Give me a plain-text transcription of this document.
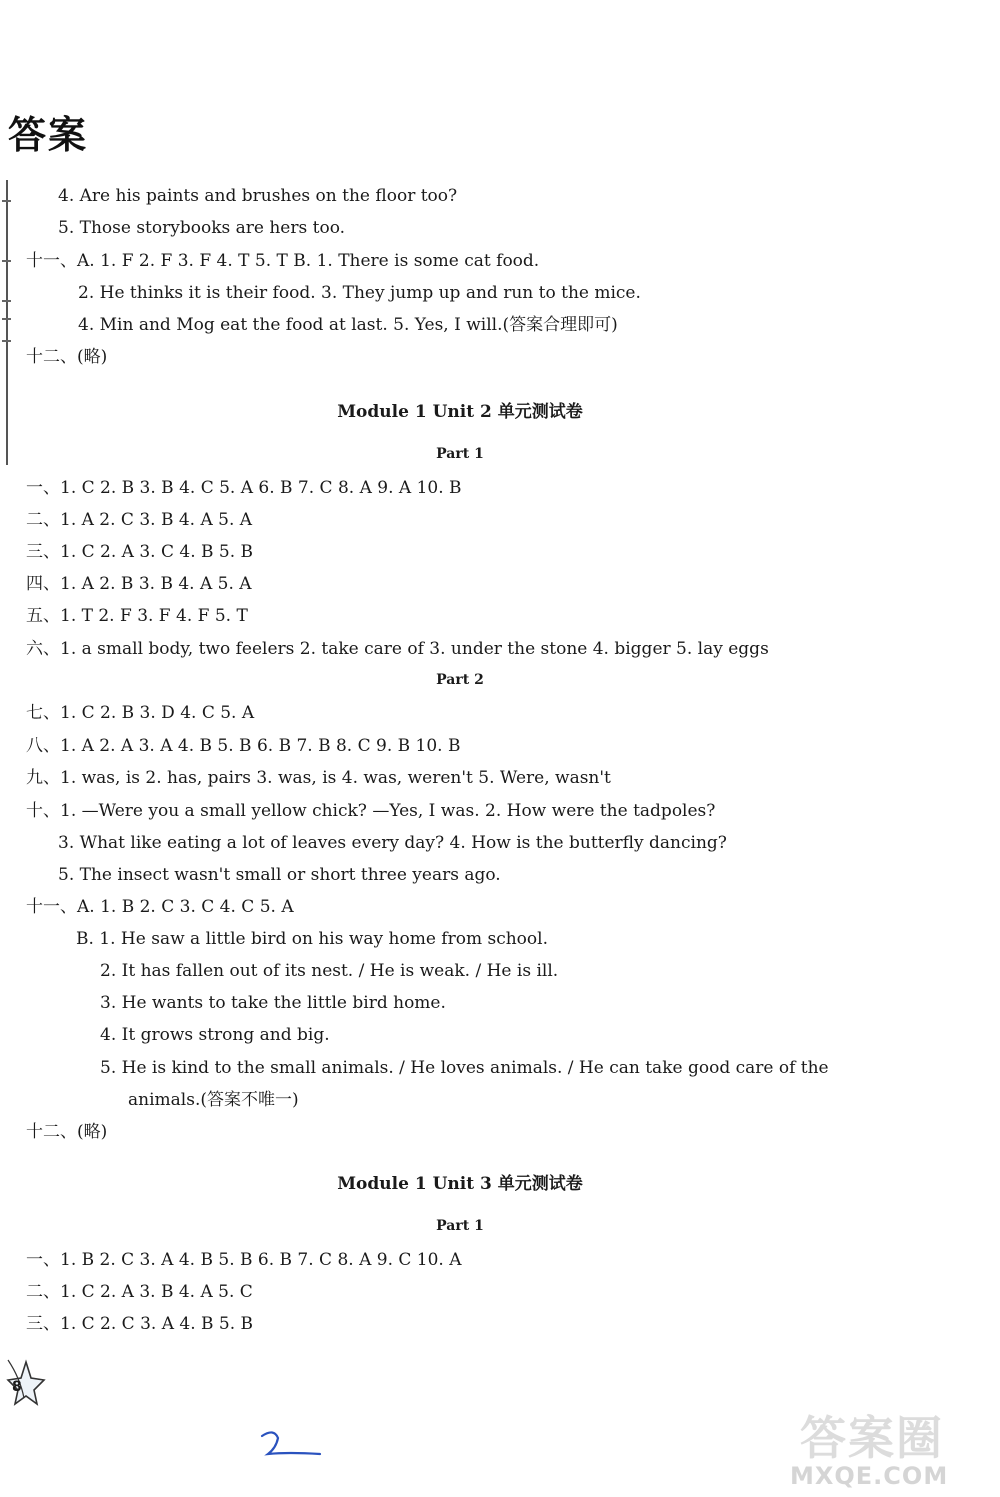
答案
4. Are his paints and brushes on the floor too?
5. Those storybooks are hers too.
十一、A. 1. F 2. F 3. F 4. T 5. T B. 1. There is some cat food.
2. He thinks it is their food. 3. They jump up and run to the mice.
4. Min and Mog eat the food at last. 5. Yes, I will.(答案合理即可)
十二、(略)
Module 1 Unit 2 单元测试卷
Part 1
一、1. C 2. B 3. B 4. C 5. A 6. B 7. C 8. A 9. A 10. B
二、1. A 2. C 3. B 4. A 5. A
三、1. C 2. A 3. C 4. B 5. B
四、1. A 2. B 3. B 4. A 5. A
五、1. T 2. F 3. F 4. F 5. T
六、1. a small body, two feelers 2. take care of 3. under the stone 4. bigger 5. lay eggs
Part 2
七、1. C 2. B 3. D 4. C 5. A
八、1. A 2. A 3. A 4. B 5. B 6. B 7. B 8. C 9. B 10. B
九、1. was, is 2. has, pairs 3. was, is 4. was, weren't 5. Were, wasn't
十、1. —Were you a small yellow chick? —Yes, I was. 2. How were the tadpoles?
3. What like eating a lot of leaves every day? 4. How is the butterfly dancing?
5. The insect wasn't small or short three years ago.
十一、A. 1. B 2. C 3. C 4. C 5. A
B. 1. He saw a little bird on his way home from school.
2. It has fallen out of its nest. / He is weak. / He is ill.
3. He wants to take the little bird home.
4. It grows strong and big.
5. He is kind to the small animals. / He loves animals. / He can take good care of the
animals.(答案不唯一)
十二、(略)
Module 1 Unit 3 单元测试卷
Part 1
一、1. B 2. C 3. A 4. B 5. B 6. B 7. C 8. A 9. C 10. A
二、1. C 2. A 3. B 4. A 5. C
三、1. C 2. C 3. A 4. B 5. B
8
答案圈
MXQE.COM
